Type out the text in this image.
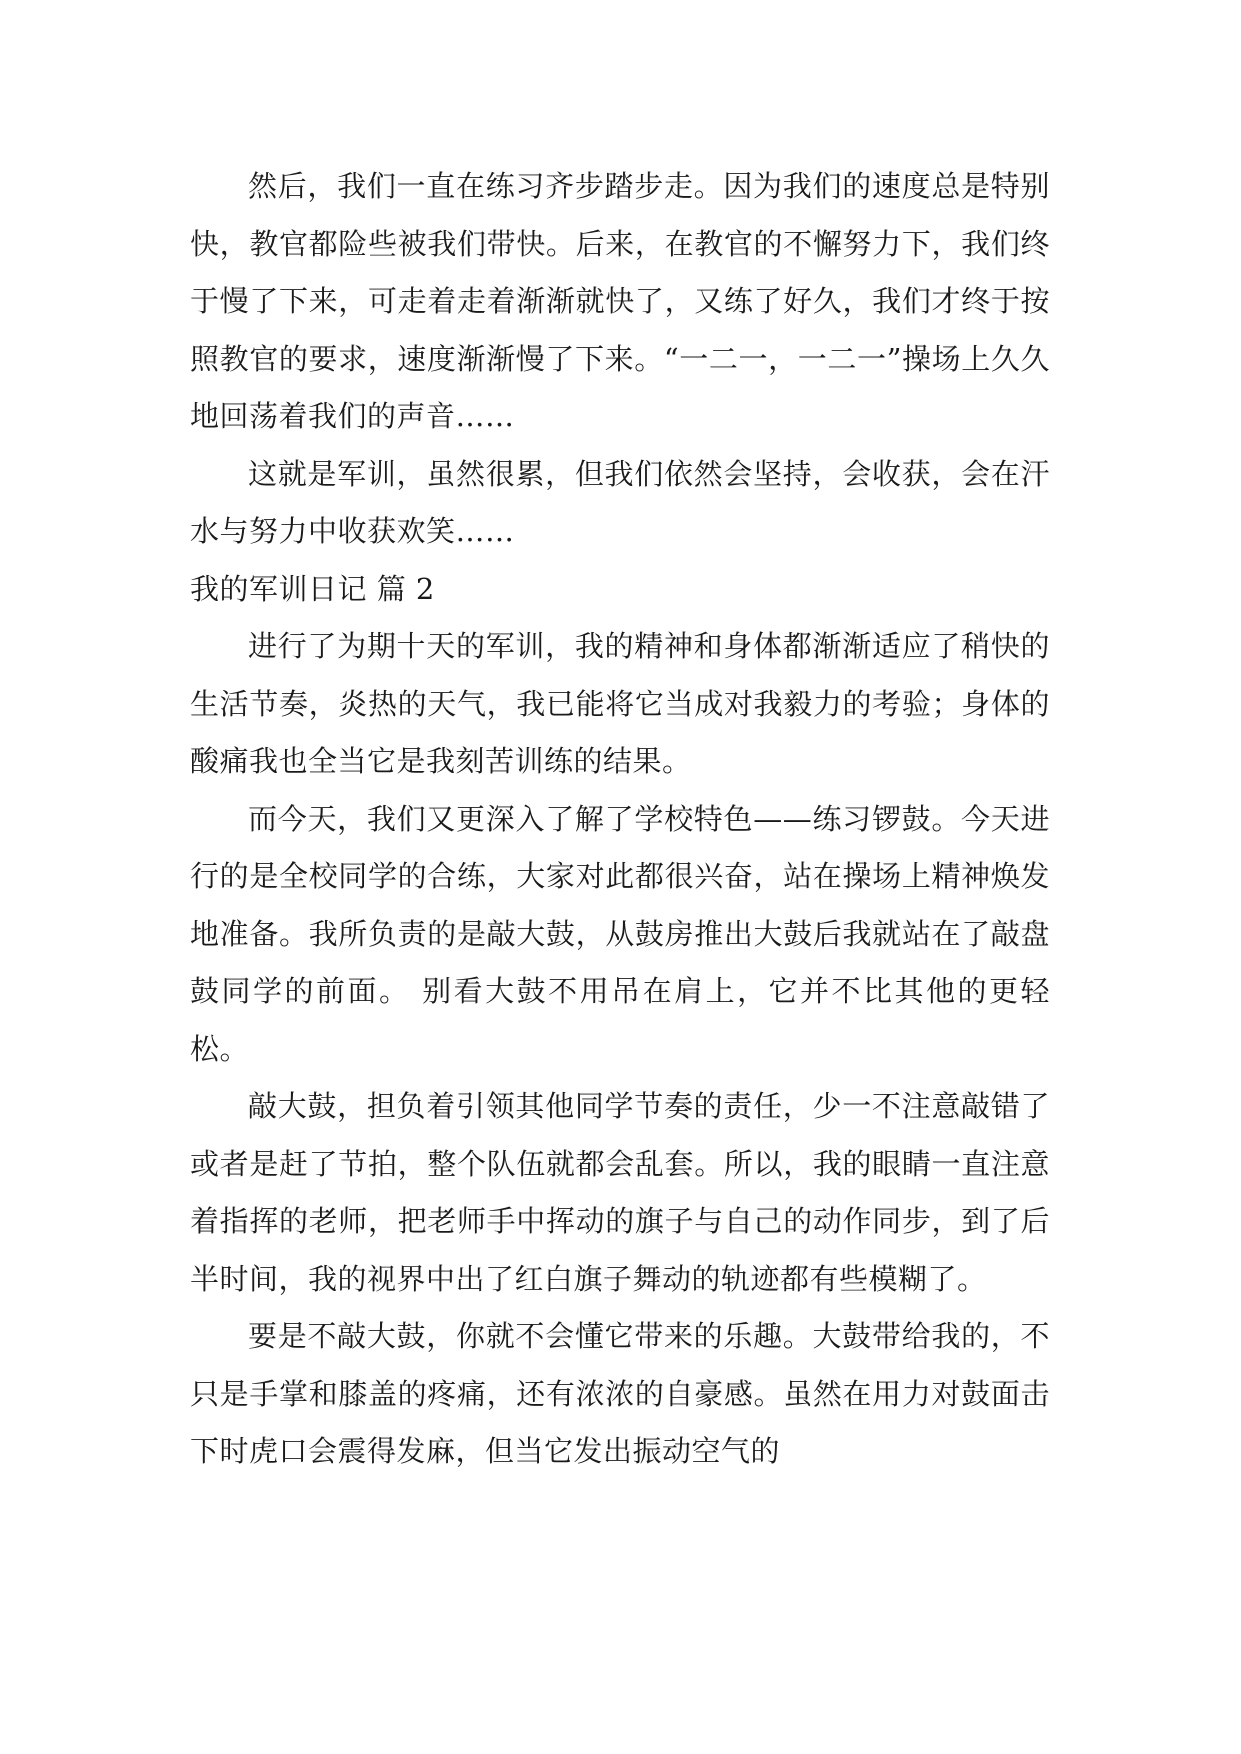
然后，我们一直在练习齐步踏步走。因为我们的速度总是特别快，教官都险些被我们带快。后来，在教官的不懈努力下，我们终于慢了下来，可走着走着渐渐就快了，又练了好久，我们才终于按照教官的要求，速度渐渐慢了下来。“一二一，一二一”操场上久久地回荡着我们的声音……

这就是军训，虽然很累，但我们依然会坚持，会收获，会在汗水与努力中收获欢笑……

我的军训日记 篇 2

进行了为期十天的军训，我的精神和身体都渐渐适应了稍快的生活节奏，炎热的天气，我已能将它当成对我毅力的考验；身体的酸痛我也全当它是我刻苦训练的结果。

而今天，我们又更深入了解了学校特色——练习锣鼓。今天进行的是全校同学的合练，大家对此都很兴奋，站在操场上精神焕发地准备。我所负责的是敲大鼓，从鼓房推出大鼓后我就站在了敲盘鼓同学的前面。 别看大鼓不用吊在肩上，它并不比其他的更轻松。

敲大鼓，担负着引领其他同学节奏的责任，少一不注意敲错了或者是赶了节拍，整个队伍就都会乱套。所以，我的眼睛一直注意着指挥的老师，把老师手中挥动的旗子与自己的动作同步，到了后半时间，我的视界中出了红白旗子舞动的轨迹都有些模糊了。

要是不敲大鼓，你就不会懂它带来的乐趣。大鼓带给我的，不只是手掌和膝盖的疼痛，还有浓浓的自豪感。虽然在用力对鼓面击下时虎口会震得发麻，但当它发出振动空气的
